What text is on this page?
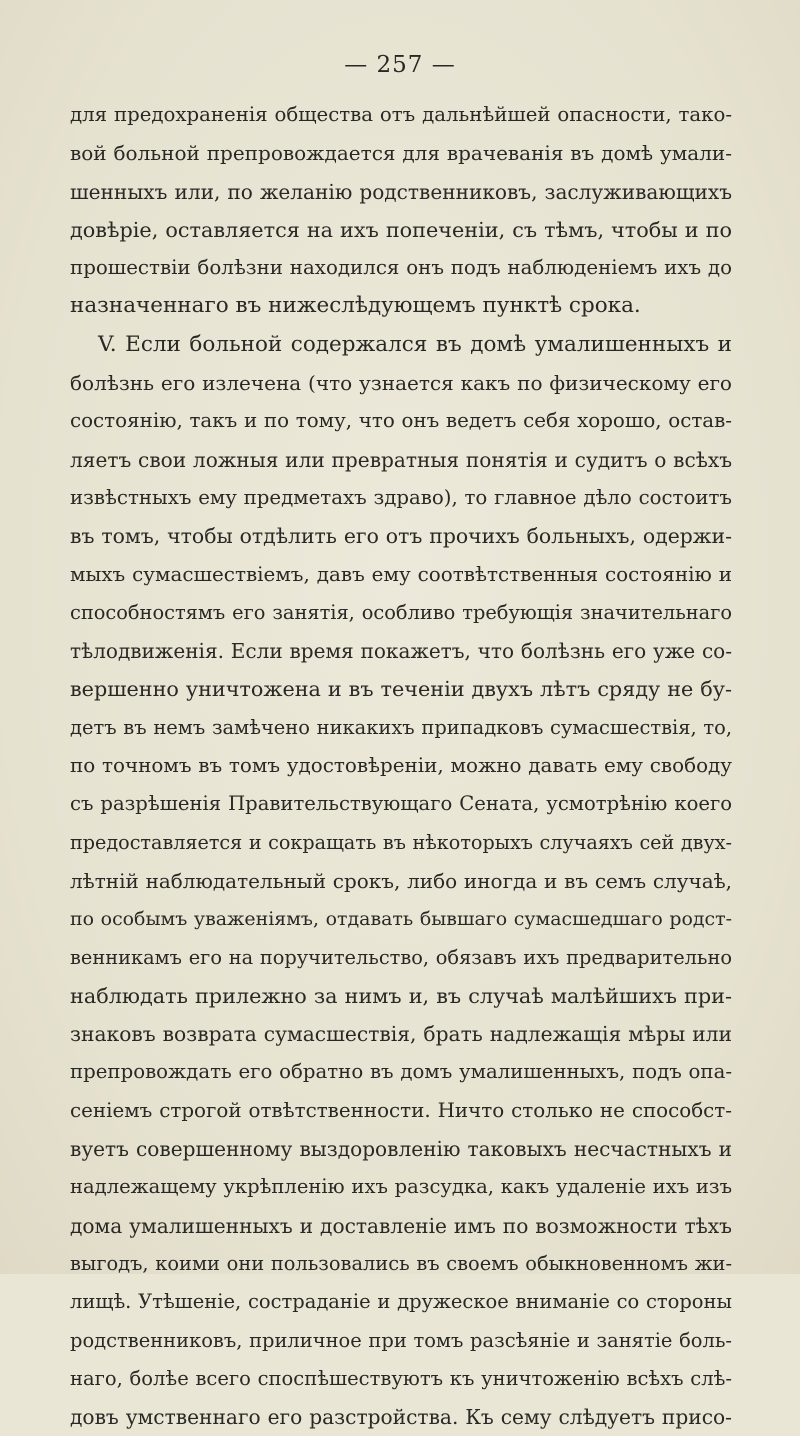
— 257 —
для предохраненія общества отъ дальнѣйшей опасности, тако-
вой больной препровождается для врачеванія въ домѣ умали-
шенныхъ или, по желанію родственниковъ, заслуживающихъ
довѣріе, оставляется на ихъ попеченіи, съ тѣмъ, чтобы и по
прошествіи болѣзни находился онъ подъ наблюденіемъ ихъ до
назначеннаго въ нижеслѣдующемъ пунктѣ срока.
V. Если больной содержался въ домѣ умалишенныхъ и
болѣзнь его излечена (что узнается какъ по физическому его
состоянію, такъ и по тому, что онъ ведетъ себя хорошо, остав-
ляетъ свои ложныя или превратныя понятія и судитъ о всѣхъ
извѣстныхъ ему предметахъ здраво), то главное дѣло состоитъ
въ томъ, чтобы отдѣлить его отъ прочихъ больныхъ, одержи-
мыхъ сумасшествіемъ, давъ ему соотвѣтственныя состоянію и
способностямъ его занятія, особливо требующія значительнаго
тѣлодвиженія. Если время покажетъ, что болѣзнь его уже со-
вершенно уничтожена и въ теченіи двухъ лѣтъ сряду не бу-
детъ въ немъ замѣчено никакихъ припадковъ сумасшествія, то,
по точномъ въ томъ удостовѣреніи, можно давать ему свободу
съ разрѣшенія Правительствующаго Сената, усмотрѣнію коего
предоставляется и сокращать въ нѣкоторыхъ случаяхъ сей двух-
лѣтній наблюдательный срокъ, либо иногда и въ семъ случаѣ,
по особымъ уваженіямъ, отдавать бывшаго сумасшедшаго родст-
венникамъ его на поручительство, обязавъ ихъ предварительно
наблюдать прилежно за нимъ и, въ случаѣ малѣйшихъ при-
знаковъ возврата сумасшествія, брать надлежащія мѣры или
препровождать его обратно въ домъ умалишенныхъ, подъ опа-
сеніемъ строгой отвѣтственности. Ничто столько не способст-
вуетъ совершенному выздоровленію таковыхъ несчастныхъ и
надлежащему укрѣпленію ихъ разсудка, какъ удаленіе ихъ изъ
дома умалишенныхъ и доставленіе имъ по возможности тѣхъ
выгодъ, коими они пользовались въ своемъ обыкновенномъ жи-
лищѣ. Утѣшеніе, состраданіе и дружеское вниманіе со стороны
родственниковъ, приличное при томъ разсѣяніе и занятіе боль-
наго, болѣе всего споспѣшествуютъ къ уничтоженію всѣхъ слѣ-
довъ умственнаго его разстройства. Къ сему слѣдуетъ присо-
